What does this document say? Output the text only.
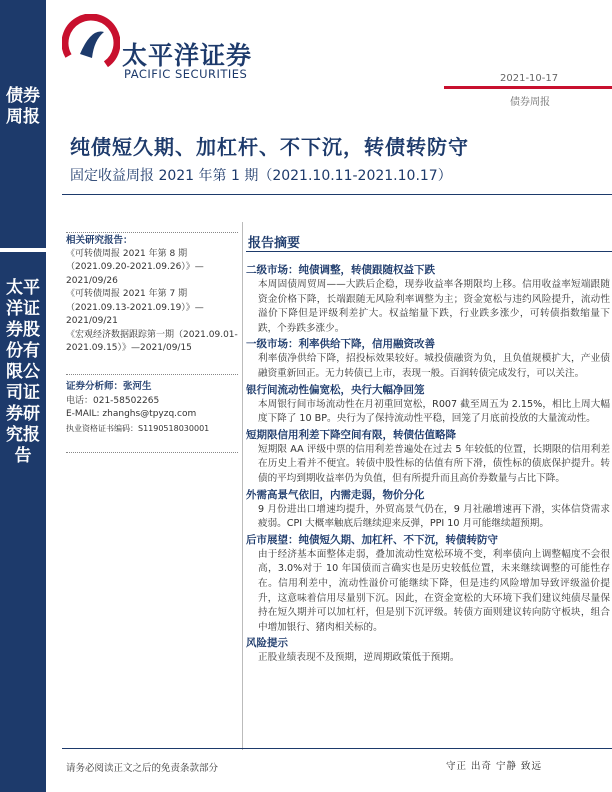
债券周报
太平洋证券股份有限公司证券研究报告
太平洋证券
PACIFIC SECURITIES	2021-10-17
债券周报
纯债短久期、加杠杆、不下沉，转债转防守
固定收益周报 2021 年第 1 期（2021.10.11-2021.10.17）
相关研究报告：
《可转债周报 2021 年第 8 期（2021.09.20-2021.09.26）》—2021/09/26
《可转债周报 2021 年第 7 期（2021.09.13-2021.09.19）》—2021/09/21
《宏观经济数据跟踪第一期（2021.09.01-2021.09.15）》—2021/09/15
证券分析师：张河生
电话：021-58502265
E-MAIL: zhanghs@tpyzq.com
执业资格证书编码：S1190518030001
报告摘要
二级市场：纯债调整，转债跟随权益下跌
本周固债周贸周——大跌后企稳，现券收益率各期限均上移。信用收益率短端跟随资金价格下降，长端跟随无风险利率调整为主；资金宽松与违约风险提升，流动性溢价下降但是评级利差扩大。权益缩量下跌，行业跌多涨少，可转债指数缩量下跌，个券跌多涨少。
一级市场：利率供给下降，信用融资改善
利率债净供给下降，招投标效果较好。城投债融资为负，且负值规模扩大，产业债融资重新回正。无力转债已上市，表现一般。百润转债完成发行，可以关注。
银行间流动性偏宽松，央行大幅净回笼
本周银行间市场流动性在月初重回宽松，R007 截至周五为 2.15%，相比上周大幅度下降了 10 BP。央行为了保持流动性平稳，回笼了月底前投放的大量流动性。
短期限信用利差下降空间有限，转债估值略降
短期限 AA 评级中票的信用利差普遍处在过去 5 年较低的位置，长期限的信用利差在历史上看并不便宜。转债中股性标的估值有所下滑，债性标的债底保护提升。转债的平均到期收益率仍为负值，但有所提升而且高价券数量与占比下降。
外需高景气依旧，内需走弱，物价分化
9 月份进出口增速均提升，外贸高景气仍在，9 月社融增速再下滑，实体信贷需求疲弱。CPI 大概率触底后继续迎来反弹，PPI 10 月可能继续超预期。
后市展望：纯债短久期、加杠杆、不下沉，转债转防守
由于经济基本面整体走弱，叠加流动性宽松环境不变，利率债向上调整幅度不会很高，3.0%对于 10 年国债而言确实也是历史较低位置，未来继续调整的可能性存在。信用利差中，流动性溢价可能继续下降，但是违约风险增加导致评级溢价提升，这意味着信用尽量别下沉。因此，在资金宽松的大环境下我们建议纯债尽量保持在短久期并可以加杠杆，但是别下沉评级。转债方面则建议转向防守板块，组合中增加银行、猪肉相关标的。
风险提示
正股业绩表现不及预期，逆周期政策低于预期。
请务必阅读正文之后的免责条款部分	守正 出奇 宁静 致远
